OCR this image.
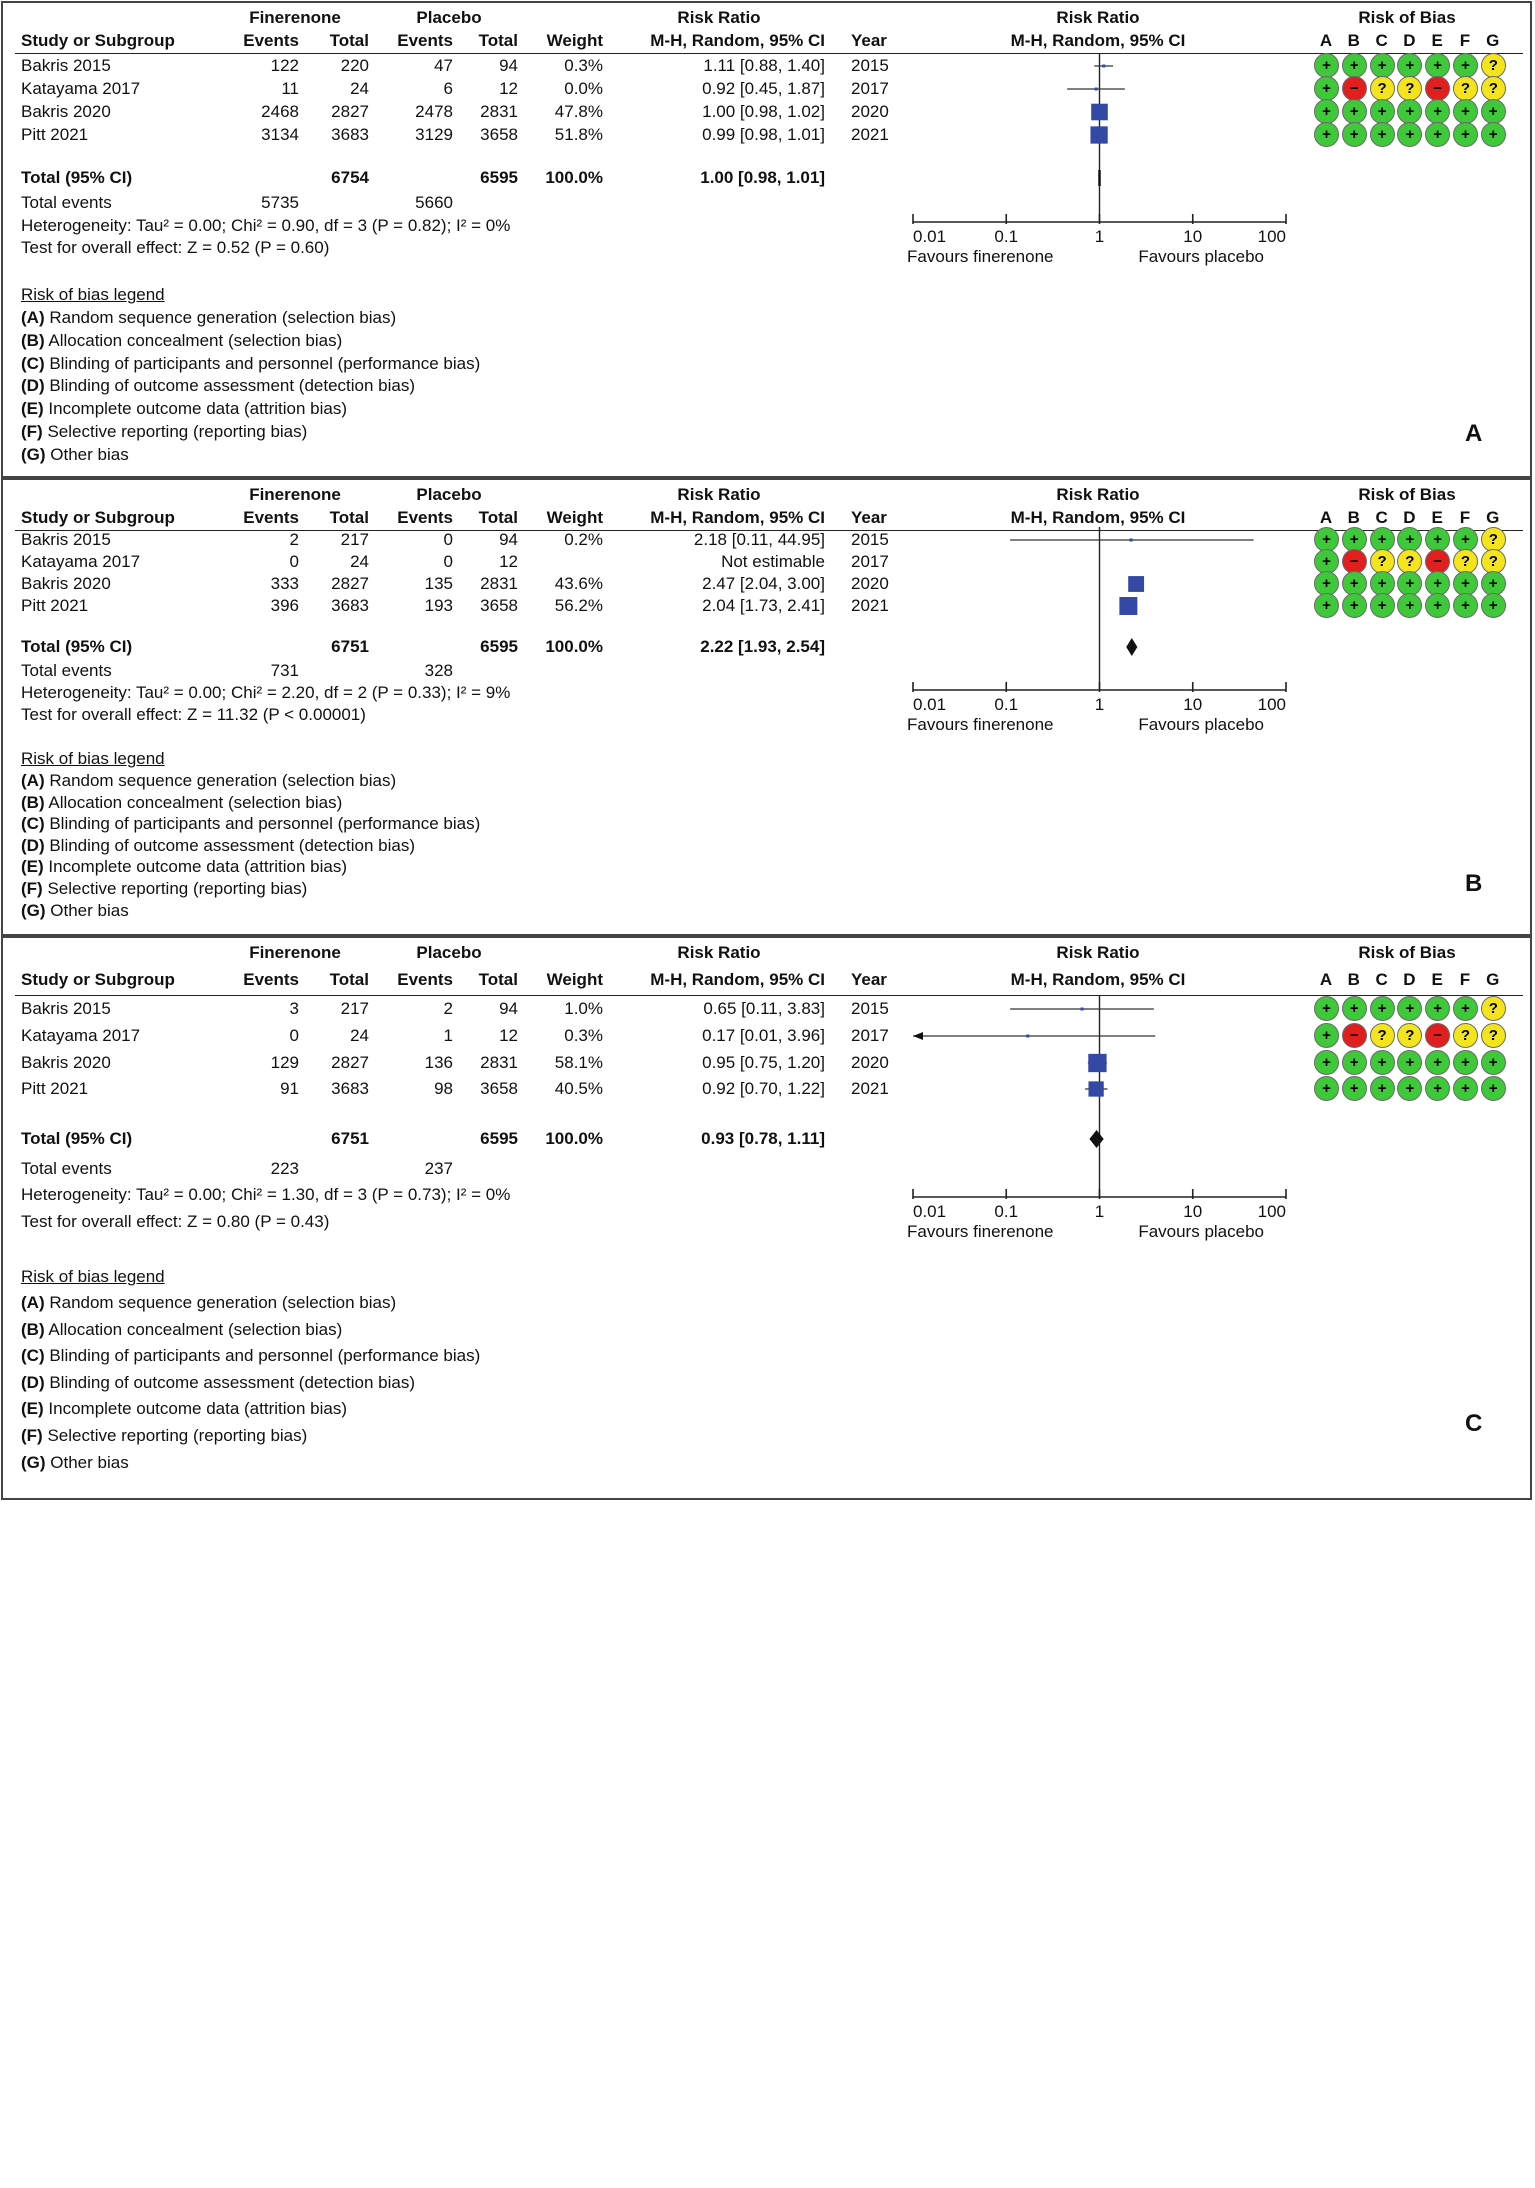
Finerenone	Placebo	Risk Ratio	Risk Ratio	Risk of Bias
Study or Subgroup	Events Total Events Total Weight	M-H, Random, 95% CI Year	M-H, Random, 95% CI	A B C D E F G
Bakris 2015	122 220	47	94	0.3%	1.11 [0.88, 1.40] 2015	+	+	+	+	+	+	?
Katayama 2017	11	24	6	12	0.0%	0.92 [0.45, 1.87] 2017	+	−	?	?	−	?	?
Bakris 2020	2468 2827	2478 2831 47.8%	1.00 [0.98, 1.02] 2020	+	+	+	+	+	+	+
Pitt 2021	3134 3683	3129 3658 51.8%	0.99 [0.98, 1.01] 2021	+	+	+	+	+	+	+
Total (95% CI)	6754	6595 100.0%	1.00 [0.98, 1.01]
Total events	5735	5660
Heterogeneity: Tau² = 0.00; Chi² = 0.90, df = 3 (P = 0.82); I² = 0%
Test for overall effect: Z = 0.52 (P = 0.60)
Risk of bias legend
(A) Random sequence generation (selection bias)
(B) Allocation concealment (selection bias)
(C) Blinding of participants and personnel (performance bias)
(D) Blinding of outcome assessment (detection bias)
(E) Incomplete outcome data (attrition bias)
(F) Selective reporting (reporting bias)
(G) Other bias
A
0.01	0.1	1	10	100
Favours finerenone	Favours placebo
Finerenone	Placebo	Risk Ratio	Risk Ratio	Risk of Bias
Study or Subgroup	Events Total Events Total Weight	M-H, Random, 95% CI Year	M-H, Random, 95% CI	A B C D E F G
Bakris 2015	2 217	0	94	0.2%	2.18 [0.11, 44.95] 2015	+	+	+	+	+	+	?
Katayama 2017	0	24	0	12	Not estimable 2017	+	−	?	?	−	?	?
Bakris 2020	333 2827	135 2831 43.6%	2.47 [2.04, 3.00] 2020	+	+	+	+	+	+	+
Pitt 2021	396 3683	193 3658 56.2%	2.04 [1.73, 2.41] 2021	+	+	+	+	+	+	+
Total (95% CI)	6751	6595 100.0%	2.22 [1.93, 2.54]
Total events	731	328
Heterogeneity: Tau² = 0.00; Chi² = 2.20, df = 2 (P = 0.33); I² = 9%
Test for overall effect: Z = 11.32 (P < 0.00001)
Risk of bias legend
(A) Random sequence generation (selection bias)
(B) Allocation concealment (selection bias)
(C) Blinding of participants and personnel (performance bias)
(D) Blinding of outcome assessment (detection bias)
(E) Incomplete outcome data (attrition bias)
(F) Selective reporting (reporting bias)
(G) Other bias
B
0.01	0.1	1	10	100
Favours finerenone	Favours placebo
Finerenone	Placebo	Risk Ratio	Risk Ratio	Risk of Bias
Study or Subgroup	Events Total Events Total Weight	M-H, Random, 95% CI Year	M-H, Random, 95% CI	A B C D E F G
Bakris 2015	3 217	2	94	1.0%	0.65 [0.11, 3.83] 2015	+	+	+	+	+	+	?
Katayama 2017	0	24	1	12	0.3%	0.17 [0.01, 3.96] 2017	+	−	?	?	−	?	?
Bakris 2020	129 2827	136 2831 58.1%	0.95 [0.75, 1.20] 2020	+	+	+	+	+	+	+
Pitt 2021	91 3683	98 3658 40.5%	0.92 [0.70, 1.22] 2021	+	+	+	+	+	+	+
Total (95% CI)	6751	6595 100.0%	0.93 [0.78, 1.11]
Total events	223	237
Heterogeneity: Tau² = 0.00; Chi² = 1.30, df = 3 (P = 0.73); I² = 0%
Test for overall effect: Z = 0.80 (P = 0.43)
Risk of bias legend
(A) Random sequence generation (selection bias)
(B) Allocation concealment (selection bias)
(C) Blinding of participants and personnel (performance bias)
(D) Blinding of outcome assessment (detection bias)
(E) Incomplete outcome data (attrition bias)
(F) Selective reporting (reporting bias)
(G) Other bias
C
0.01	0.1	1	10	100
Favours finerenone	Favours placebo
